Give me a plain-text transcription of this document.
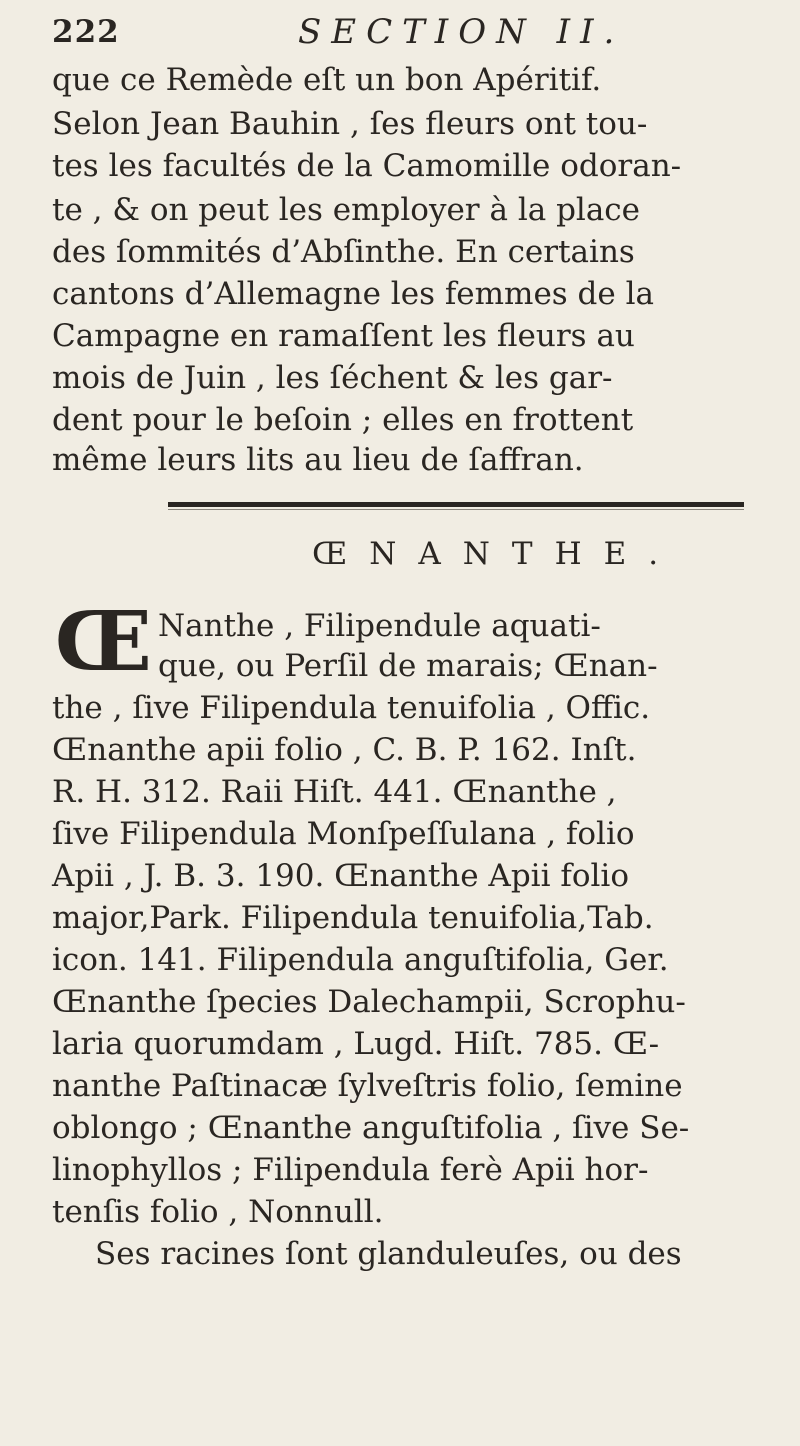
222	SECTION II.
que ce Remède eſt un bon Apéritif.
Selon Jean Bauhin , ſes fleurs ont tou-
tes les facultés de la Camomille odoran-
te , & on peut les employer à la place
des ſommités d’Abſinthe. En certains
cantons d’Allemagne les femmes de la
Campagne en ramaſſent les fleurs au
mois de Juin , les ſéchent & les gar-
dent pour le beſoin ; elles en frottent
même leurs lits au lieu de ſaffran.
ŒNANTHE.
Œ Nanthe , Filipendule aquati-
que, ou Perſil de marais; Œnan-
the , ſive Filipendula tenuifolia , Offic.
Œnanthe apii folio , C. B. P. 162. Inſt.
R. H. 312. Raii Hiſt. 441. Œnanthe ,
ſive Filipendula Monſpeſſulana , folio
Apii , J. B. 3. 190. Œnanthe Apii folio
major,Park. Filipendula tenuifolia,Tab.
icon. 141. Filipendula anguſtifolia, Ger.
Œnanthe ſpecies Dalechampii, Scrophu-
laria quorumdam , Lugd. Hiſt. 785. Œ-
nanthe Paſtinacæ ſylveſtris folio, ſemine
oblongo ; Œnanthe anguſtifolia , ſive Se-
linophyllos ; Filipendula ferè Apii hor-
tenſis folio , Nonnull.
Ses racines ſont glanduleuſes, ou des
